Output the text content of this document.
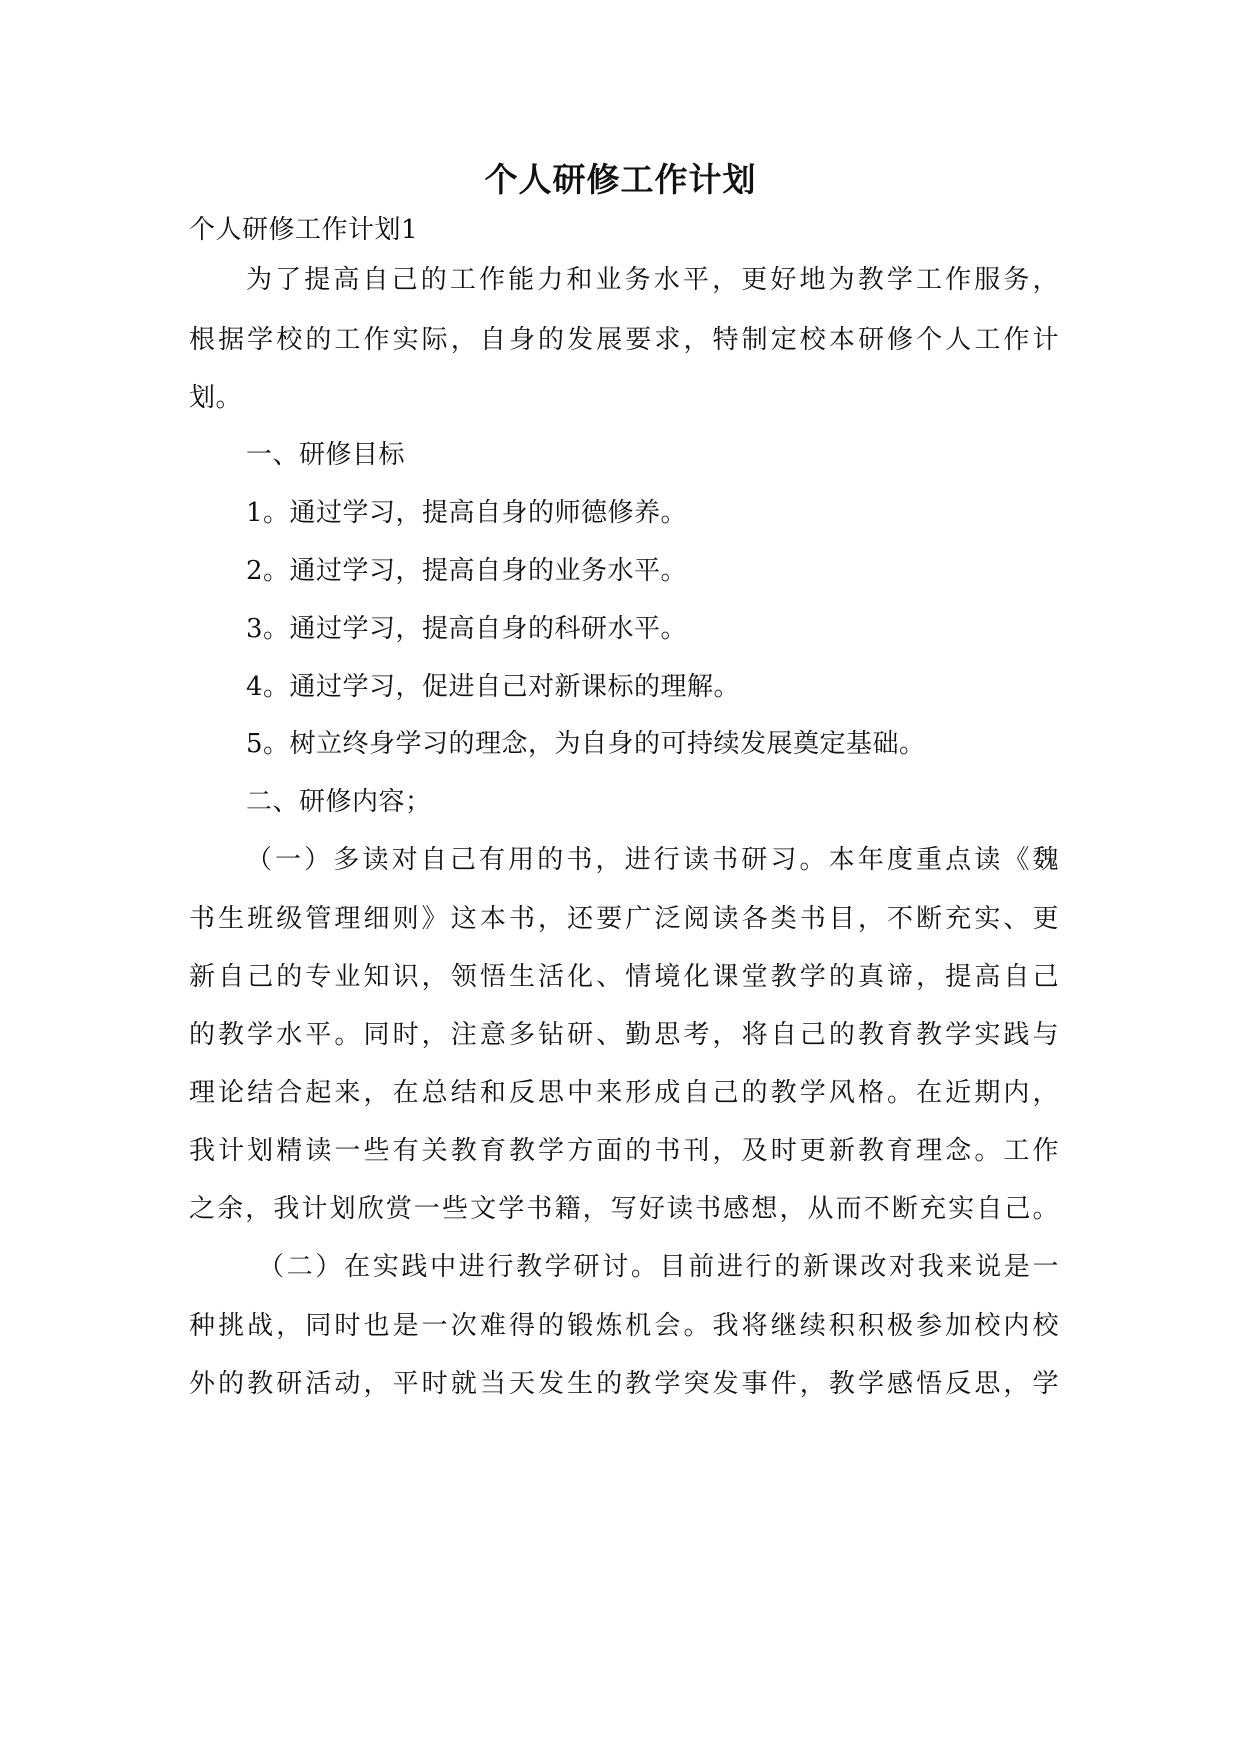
个人研修工作计划
个人研修工作计划1
为了提高自己的工作能力和业务水平，更好地为教学工作服务，
根据学校的工作实际，自身的发展要求，特制定校本研修个人工作计
划。
一、研修目标
1。通过学习，提高自身的师德修养。
2。通过学习，提高自身的业务水平。
3。通过学习，提高自身的科研水平。
4。通过学习，促进自己对新课标的理解。
5。树立终身学习的理念，为自身的可持续发展奠定基础。
二、研修内容；
（一）多读对自己有用的书，进行读书研习。本年度重点读《魏
书生班级管理细则》这本书，还要广泛阅读各类书目，不断充实、更
新自己的专业知识，领悟生活化、情境化课堂教学的真谛，提高自己
的教学水平。同时，注意多钻研、勤思考，将自己的教育教学实践与
理论结合起来，在总结和反思中来形成自己的教学风格。在近期内，
我计划精读一些有关教育教学方面的书刊，及时更新教育理念。工作
之余，我计划欣赏一些文学书籍，写好读书感想，从而不断充实自己。
（二）在实践中进行教学研讨。目前进行的新课改对我来说是一
种挑战，同时也是一次难得的锻炼机会。我将继续积积极参加校内校
外的教研活动，平时就当天发生的教学突发事件，教学感悟反思，学
